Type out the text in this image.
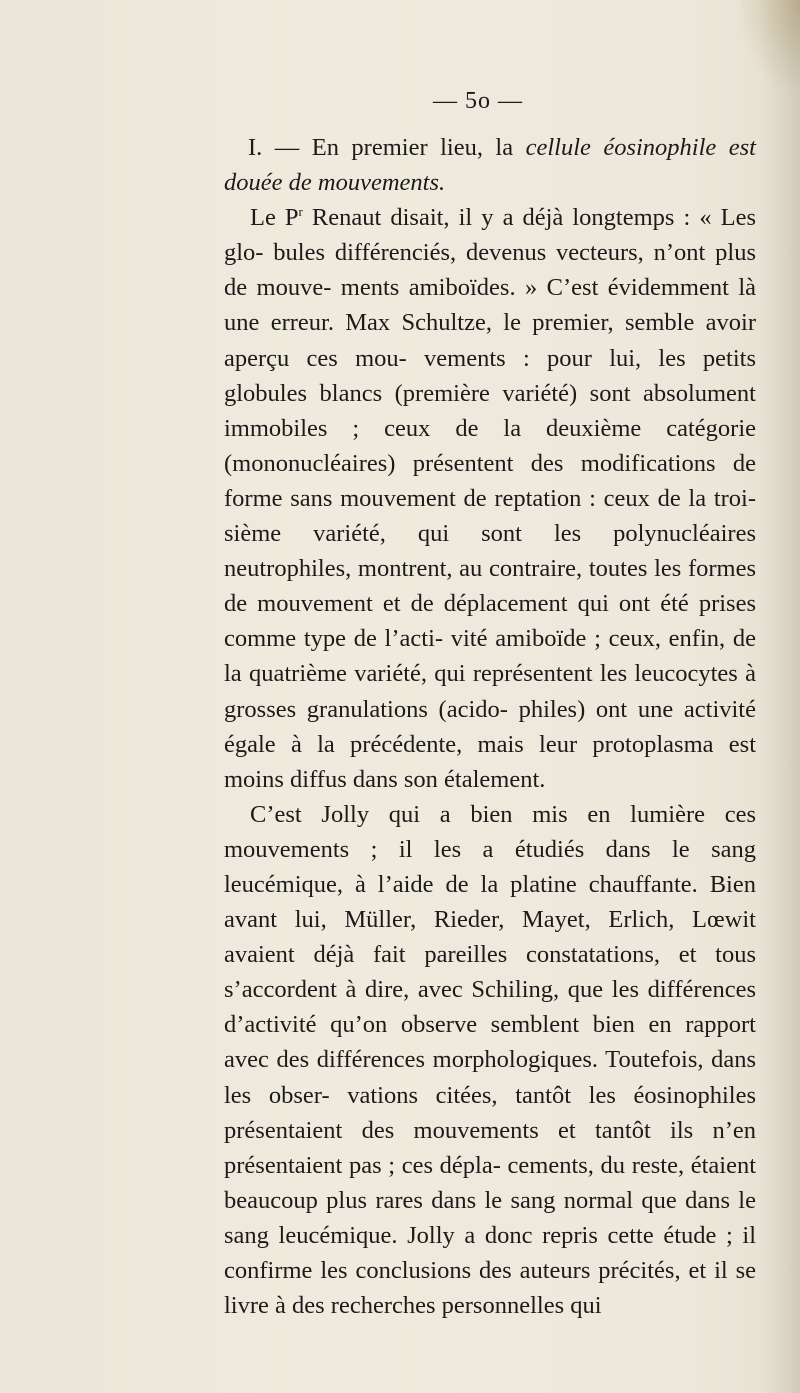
— 5o —

I. — En premier lieu, la cellule éosinophile est douée de mouvements.

Le $P^r$ Renaut disait, il y a déjà longtemps : « Les glo- bules différenciés, devenus vecteurs, n’ont plus de mouve- ments amiboïdes. » C’est évidemment là une erreur. Max Schultze, le premier, semble avoir aperçu ces mou- vements : pour lui, les petits globules blancs (première variété) sont absolument immobiles ; ceux de la deuxième catégorie (mononucléaires) présentent des modifications de forme sans mouvement de reptation : ceux de la troi- sième variété, qui sont les polynucléaires neutrophiles, montrent, au contraire, toutes les formes de mouvement et de déplacement qui ont été prises comme type de l’acti- vité amiboïde ; ceux, enfin, de la quatrième variété, qui représentent les leucocytes à grosses granulations (acido- philes) ont une activité égale à la précédente, mais leur protoplasma est moins diffus dans son étalement.

C’est Jolly qui a bien mis en lumière ces mouvements ; il les a étudiés dans le sang leucémique, à l’aide de la platine chauffante. Bien avant lui, Müller, Rieder, Mayet, Erlich, Lœwit avaient déjà fait pareilles constatations, et tous s’accordent à dire, avec Schiling, que les différences d’activité qu’on observe semblent bien en rapport avec des différences morphologiques. Toutefois, dans les obser- vations citées, tantôt les éosinophiles présentaient des mouvements et tantôt ils n’en présentaient pas ; ces dépla- cements, du reste, étaient beaucoup plus rares dans le sang normal que dans le sang leucémique. Jolly a donc repris cette étude ; il confirme les conclusions des auteurs précités, et il se livre à des recherches personnelles qui
